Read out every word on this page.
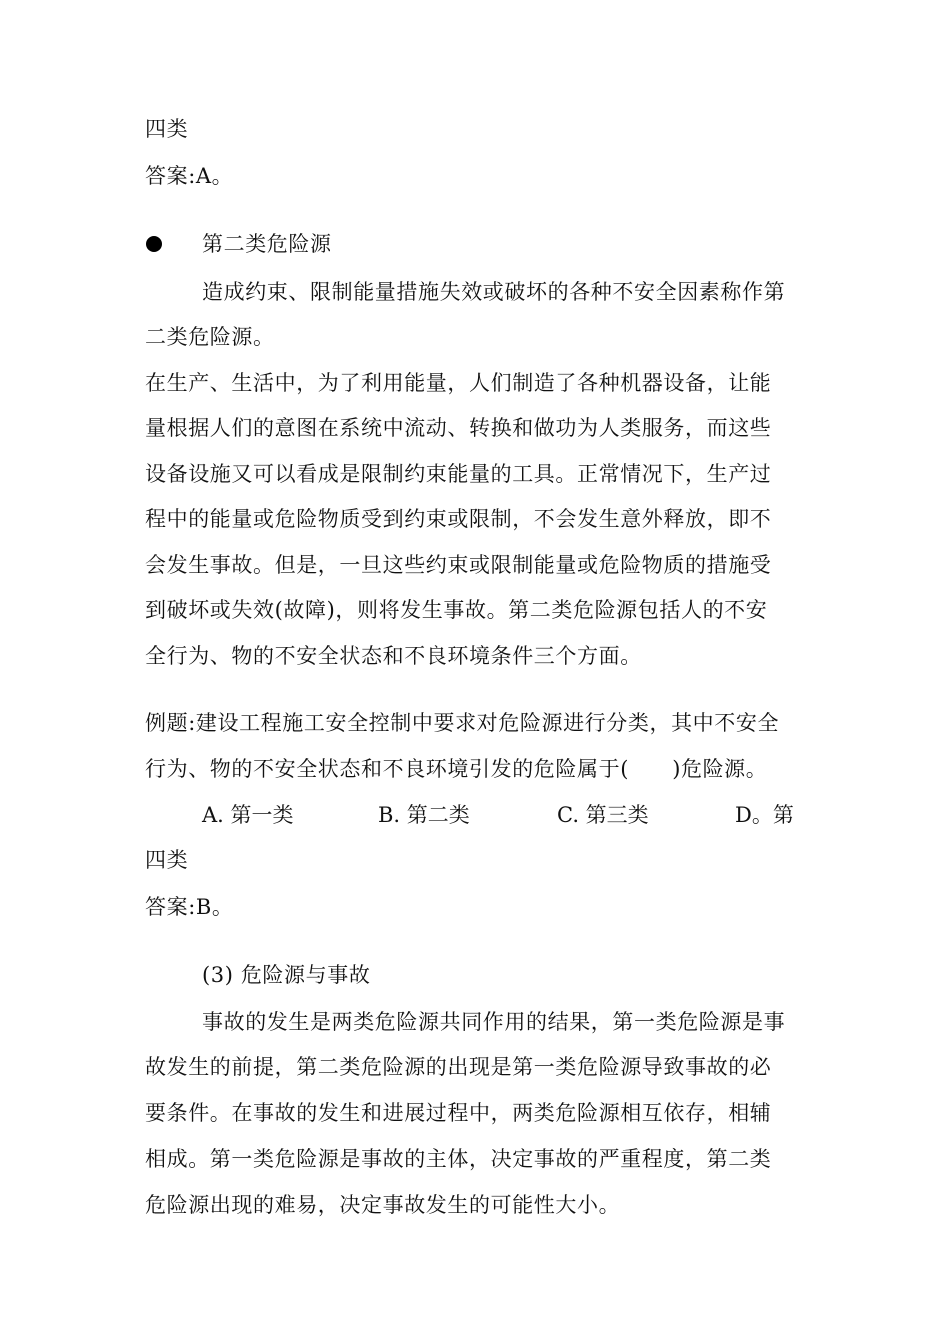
四类
答案:A。
第二类危险源
造成约束、限制能量措施失效或破坏的各种不安全因素称作第
二类危险源。
在生产、生活中，为了利用能量，人们制造了各种机器设备，让能
量根据人们的意图在系统中流动、转换和做功为人类服务，而这些
设备设施又可以看成是限制约束能量的工具。正常情况下，生产过
程中的能量或危险物质受到约束或限制，不会发生意外释放，即不
会发生事故。但是，一旦这些约束或限制能量或危险物质的措施受
到破坏或失效(故障)，则将发生事故。第二类危险源包括人的不安
全行为、物的不安全状态和不良环境条件三个方面。
例题:建设工程施工安全控制中要求对危险源进行分类，其中不安全
行为、物的不安全状态和不良环境引发的危险属于(　　)危险源。
A. 第一类	B. 第二类	C. 第三类	D。第
四类
答案:B。
(3) 危险源与事故
事故的发生是两类危险源共同作用的结果，第一类危险源是事
故发生的前提，第二类危险源的出现是第一类危险源导致事故的必
要条件。在事故的发生和进展过程中，两类危险源相互依存，相辅
相成。第一类危险源是事故的主体，决定事故的严重程度，第二类
危险源出现的难易，决定事故发生的可能性大小。
